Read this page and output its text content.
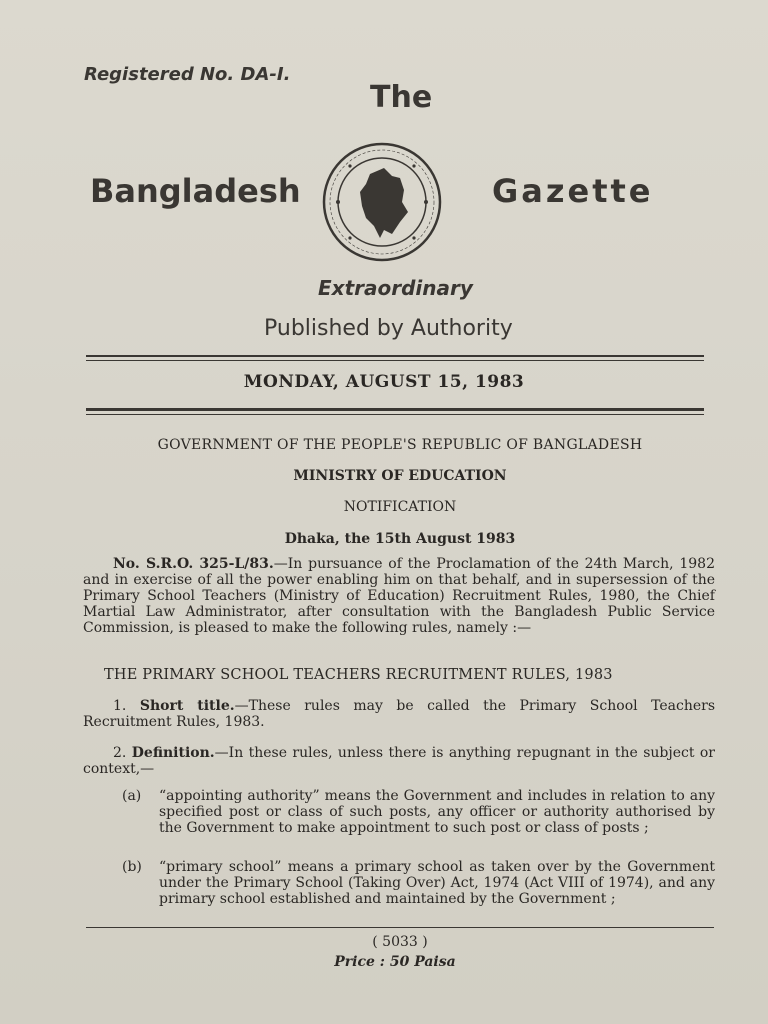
Registered No. DA-I.
The
Bangladesh	Gazette
Extraordinary
Published by Authority
MONDAY, AUGUST 15, 1983
GOVERNMENT OF THE PEOPLE'S REPUBLIC OF BANGLADESH
MINISTRY OF EDUCATION
NOTIFICATION
Dhaka, the 15th August 1983
No. S.R.O. 325-L/83.—In pursuance of the Proclamation of the 24th March, 1982 and in exercise of all the power enabling him on that behalf, and in supersession of the Primary School Teachers (Ministry of Education) Recruitment Rules, 1980, the Chief Martial Law Administrator, after consultation with the Bangladesh Public Service Commission, is pleased to make the following rules, namely :—
THE PRIMARY SCHOOL TEACHERS RECRUITMENT RULES, 1983
1. Short title.—These rules may be called the Primary School Teachers Recruitment Rules, 1983.
2. Definition.—In these rules, unless there is anything repugnant in the subject or context,—
(a) “appointing authority” means the Government and includes in relation to any specified post or class of such posts, any officer or authority authorised by the Government to make appointment to such post or class of posts ;
(b) “primary school” means a primary school as taken over by the Government under the Primary School (Taking Over) Act, 1974 (Act VIII of 1974), and any primary school established and maintained by the Government ;
( 5033 )
Price : 50 Paisa
